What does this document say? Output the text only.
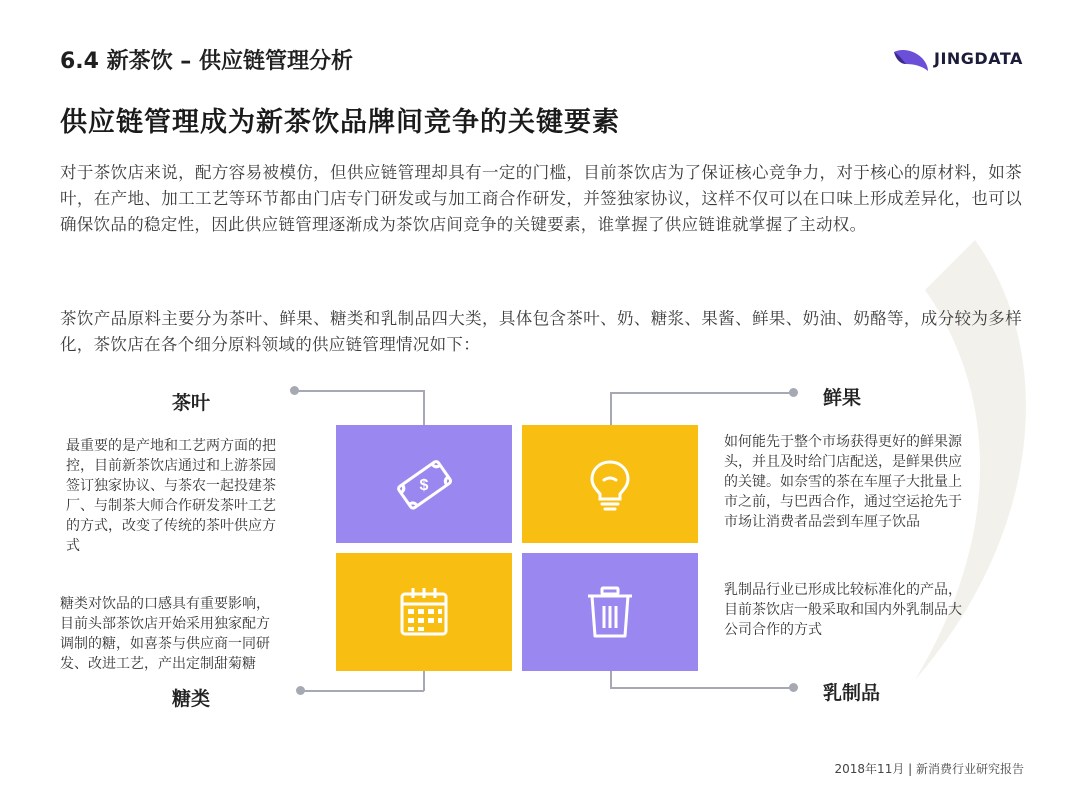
6.4 新茶饮 – 供应链管理分析	JINGDATA
供应链管理成为新茶饮品牌间竞争的关键要素
对于茶饮店来说，配方容易被模仿，但供应链管理却具有一定的门槛，目前茶饮店为了保证核心竞争力，对于核心的原材料，如茶叶，在产地、加工工艺等环节都由门店专门研发或与加工商合作研发，并签独家协议，这样不仅可以在口味上形成差异化，也可以确保饮品的稳定性，因此供应链管理逐渐成为茶饮店间竞争的关键要素，谁掌握了供应链谁就掌握了主动权。
茶饮产品原料主要分为茶叶、鲜果、糖类和乳制品四大类，具体包含茶叶、奶、糖浆、果酱、鲜果、奶油、奶酪等，成分较为多样化，茶饮店在各个细分原料领域的供应链管理情况如下：
$
茶叶	鲜果
糖类	乳制品
最重要的是产地和工艺两方面的把
控，目前新茶饮店通过和上游茶园
签订独家协议、与茶农一起投建茶
厂、与制茶大师合作研发茶叶工艺
的方式，改变了传统的茶叶供应方
式
如何能先于整个市场获得更好的鲜果源
头，并且及时给门店配送，是鲜果供应
的关键。如奈雪的茶在车厘子大批量上
市之前，与巴西合作，通过空运抢先于
市场让消费者品尝到车厘子饮品
糖类对饮品的口感具有重要影响，
目前头部茶饮店开始采用独家配方
调制的糖，如喜茶与供应商一同研
发、改进工艺，产出定制甜菊糖
乳制品行业已形成比较标准化的产品，
目前茶饮店一般采取和国内外乳制品大
公司合作的方式
2018年11月 | 新消费行业研究报告
